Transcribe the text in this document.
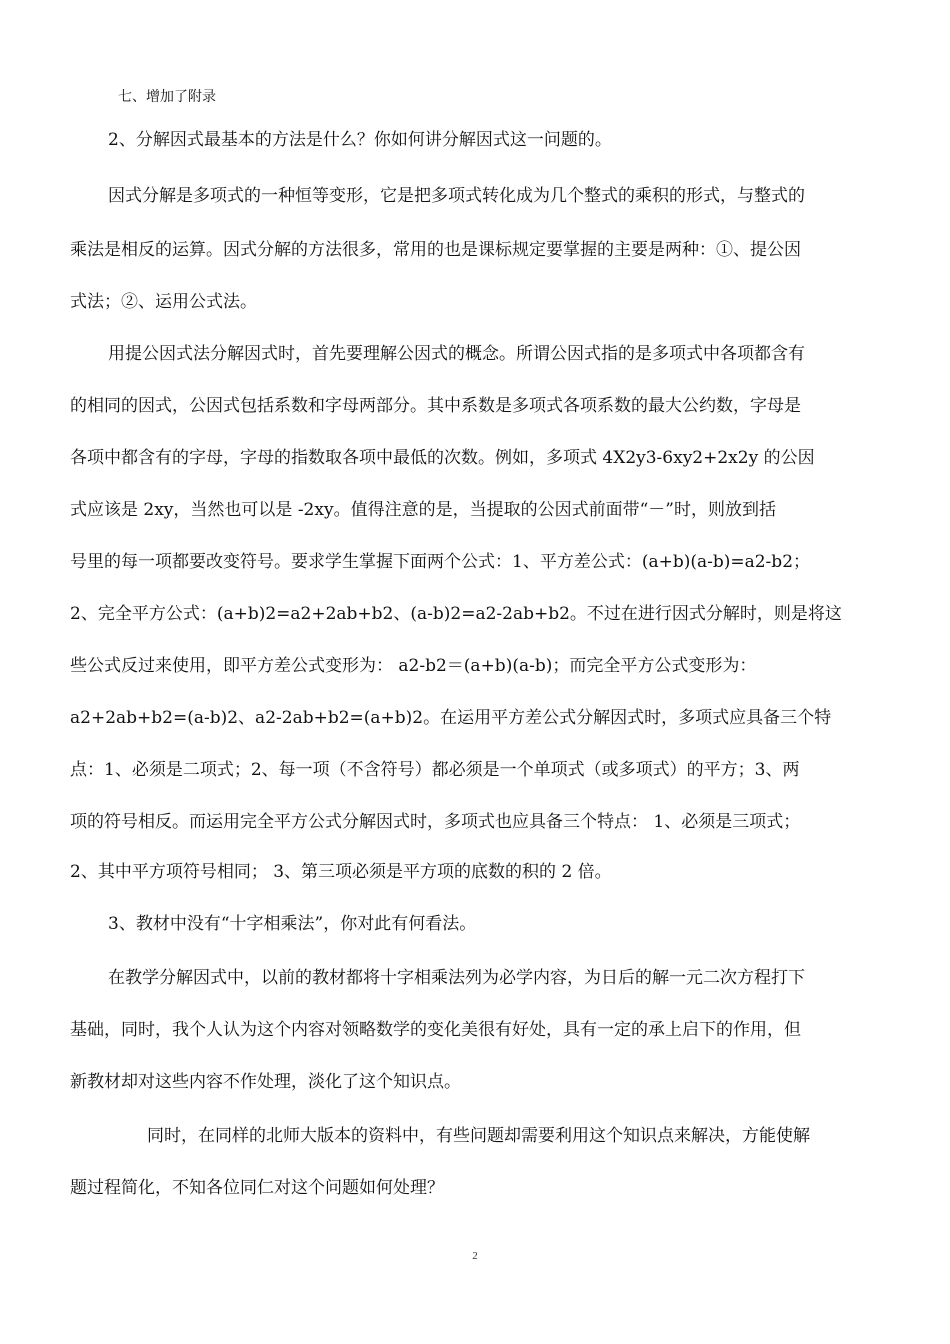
七、增加了附录
2、分解因式最基本的方法是什么？你如何讲分解因式这一问题的。
因式分解是多项式的一种恒等变形，它是把多项式转化成为几个整式的乘积的形式，与整式的
乘法是相反的运算。因式分解的方法很多，常用的也是课标规定要掌握的主要是两种：①、提公因
式法；②、运用公式法。
用提公因式法分解因式时，首先要理解公因式的概念。所谓公因式指的是多项式中各项都含有
的相同的因式，公因式包括系数和字母两部分。其中系数是多项式各项系数的最大公约数，字母是
各项中都含有的字母，字母的指数取各项中最低的次数。例如，多项式 4X2y3-6xy2+2x2y 的公因
式应该是 2xy，当然也可以是 -2xy。值得注意的是，当提取的公因式前面带“－”时，则放到括
号里的每一项都要改变符号。要求学生掌握下面两个公式：1、平方差公式：(a+b)(a-b)=a2-b2；
2、完全平方公式：(a+b)2=a2+2ab+b2、(a-b)2=a2-2ab+b2。不过在进行因式分解时，则是将这
些公式反过来使用，即平方差公式变形为： a2-b2＝(a+b)(a-b)；而完全平方公式变形为：
a2+2ab+b2=(a-b)2、a2-2ab+b2=(a+b)2。在运用平方差公式分解因式时，多项式应具备三个特
点：1、必须是二项式；2、每一项（不含符号）都必须是一个单项式（或多项式）的平方；3、两
项的符号相反。而运用完全平方公式分解因式时，多项式也应具备三个特点： 1、必须是三项式；
2、其中平方项符号相同； 3、第三项必须是平方项的底数的积的 2 倍。
3、教材中没有“十字相乘法”，你对此有何看法。
在教学分解因式中，以前的教材都将十字相乘法列为必学内容，为日后的解一元二次方程打下
基础，同时，我个人认为这个内容对领略数学的变化美很有好处，具有一定的承上启下的作用，但
新教材却对这些内容不作处理，淡化了这个知识点。
同时，在同样的北师大版本的资料中，有些问题却需要利用这个知识点来解决，方能使解
题过程简化，不知各位同仁对这个问题如何处理？
2
